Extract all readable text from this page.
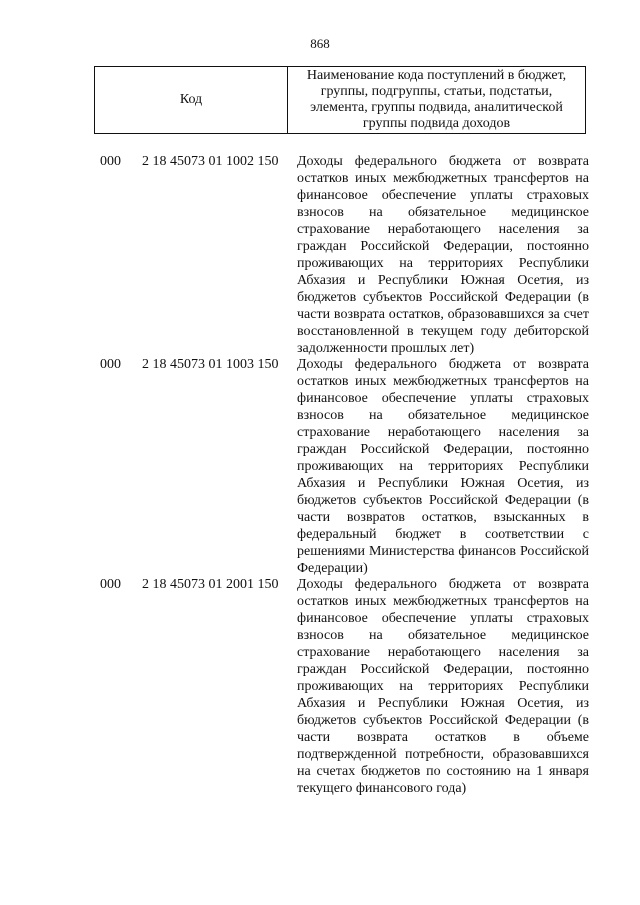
868
Код
Наименование кода поступлений в бюджет, группы, подгруппы, статьи, подстатьи, элемента, группы подвида, аналитической группы подвида доходов
000 2 18 45073 01 1002 150 Доходы федерального бюджета от возврата остатков иных межбюджетных трансфертов на финансовое обеспечение уплаты страховых взносов на обязательное медицинское страхование неработающего населения за граждан Российской Федерации, постоянно проживающих на территориях Республики Абхазия и Республики Южная Осетия, из бюджетов субъектов Российской Федерации (в части возврата остатков, образовавшихся за счет восстановленной в текущем году дебиторской задолженности прошлых лет)
000 2 18 45073 01 1003 150 Доходы федерального бюджета от возврата остатков иных межбюджетных трансфертов на финансовое обеспечение уплаты страховых взносов на обязательное медицинское страхование неработающего населения за граждан Российской Федерации, постоянно проживающих на территориях Республики Абхазия и Республики Южная Осетия, из бюджетов субъектов Российской Федерации (в части возвратов остатков, взысканных в федеральный бюджет в соответствии с решениями Министерства финансов Российской Федерации)
000 2 18 45073 01 2001 150 Доходы федерального бюджета от возврата остатков иных межбюджетных трансфертов на финансовое обеспечение уплаты страховых взносов на обязательное медицинское страхование неработающего населения за граждан Российской Федерации, постоянно проживающих на территориях Республики Абхазия и Республики Южная Осетия, из бюджетов субъектов Российской Федерации (в части возврата остатков в объеме подтвержденной потребности, образовавшихся на счетах бюджетов по состоянию на 1 января текущего финансового года)
